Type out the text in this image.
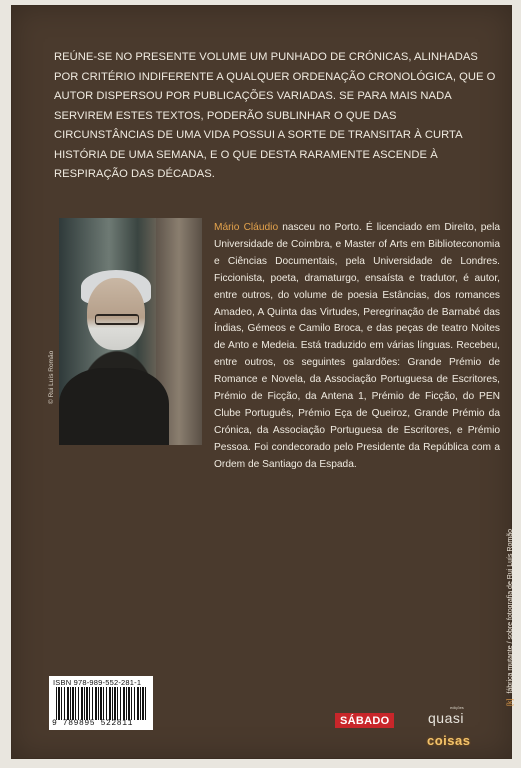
REÚNE-SE NO PRESENTE VOLUME UM PUNHADO DE CRÓNICAS, ALINHADAS POR CRITÉRIO INDIFERENTE A QUALQUER ORDENAÇÃO CRONOLÓGICA, QUE O AUTOR DISPERSOU POR PUBLICAÇÕES VARIADAS. SE PARA MAIS NADA SERVIREM ESTES TEXTOS, PODERÃO SUBLINHAR O QUE DAS CIRCUNSTÂNCIAS DE UMA VIDA POSSUI A SORTE DE TRANSITAR À CURTA HISTÓRIA DE UMA SEMANA, E O QUE DESTA RARAMENTE ASCENDE À RESPIRAÇÃO DAS DÉCADAS.
© Rui Luís Romão
Mário Cláudio nasceu no Porto. É licenciado em Direito, pela Universidade de Coimbra, e Master of Arts em Biblioteconomia e Ciências Documentais, pela Universidade de Londres. Ficcionista, poeta, dramaturgo, ensaísta e tradutor, é autor, entre outros, do volume de poesia Estâncias, dos romances Amadeo, A Quinta das Virtudes, Peregrinação de Barnabé das Índias, Gémeos e Camilo Broca, e das peças de teatro Noites de Anto e Medeia. Está traduzido em várias línguas. Recebeu, entre outros, os seguintes galardões: Grande Prémio de Romance e Novela, da Associação Portuguesa de Escritores, Prémio de Ficção, da Antena 1, Prémio de Ficção, do PEN Clube Português, Prémio Eça de Queiroz, Grande Prémio da Crónica, da Associação Portuguesa de Escritores, e Prémio Pessoa. Foi condecorado pelo Presidente da República com a Ordem de Santiago da Espada.
[k]fábrica mutante / sobre fotografia de Rui Luís Romão
ISBN 978-989-552-281-1
9 789895 522811	SÁBADO
edições
quasi
coisas
